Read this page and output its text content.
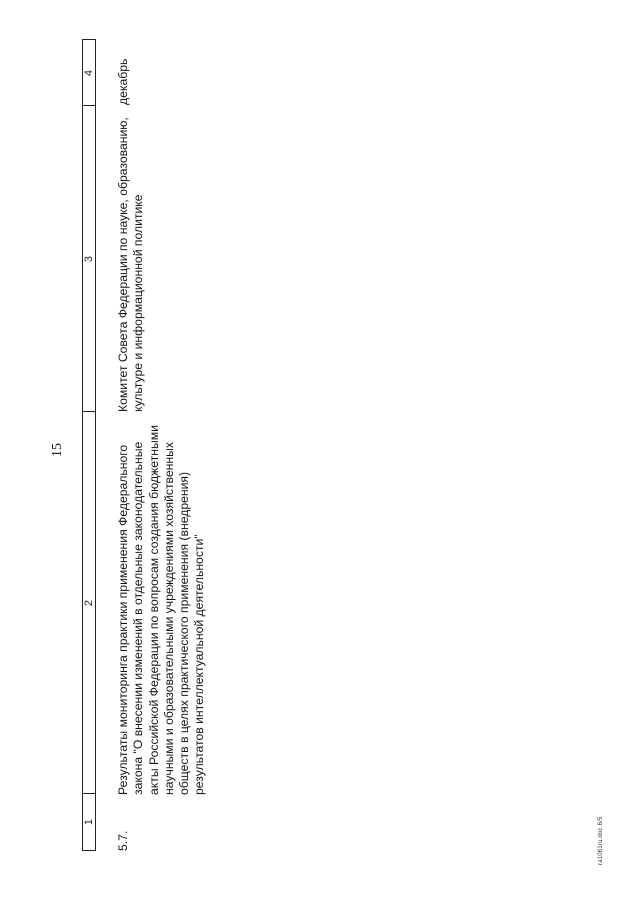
15
1
2
3
4
5.7.
Результаты мониторинга практики применения Федерального закона "О внесении изменений в отдельные законодательные акты Российской Федерации по вопросам создания бюджетными научными и образовательными учреждениями хозяйственных обществ в целях практического применения (внедрения) результатов интеллектуальной деятельности"
Комитет Совета Федерации по науке, образованию, культуре и информационной политике
декабрь
ra1061ru.doc 6/5
